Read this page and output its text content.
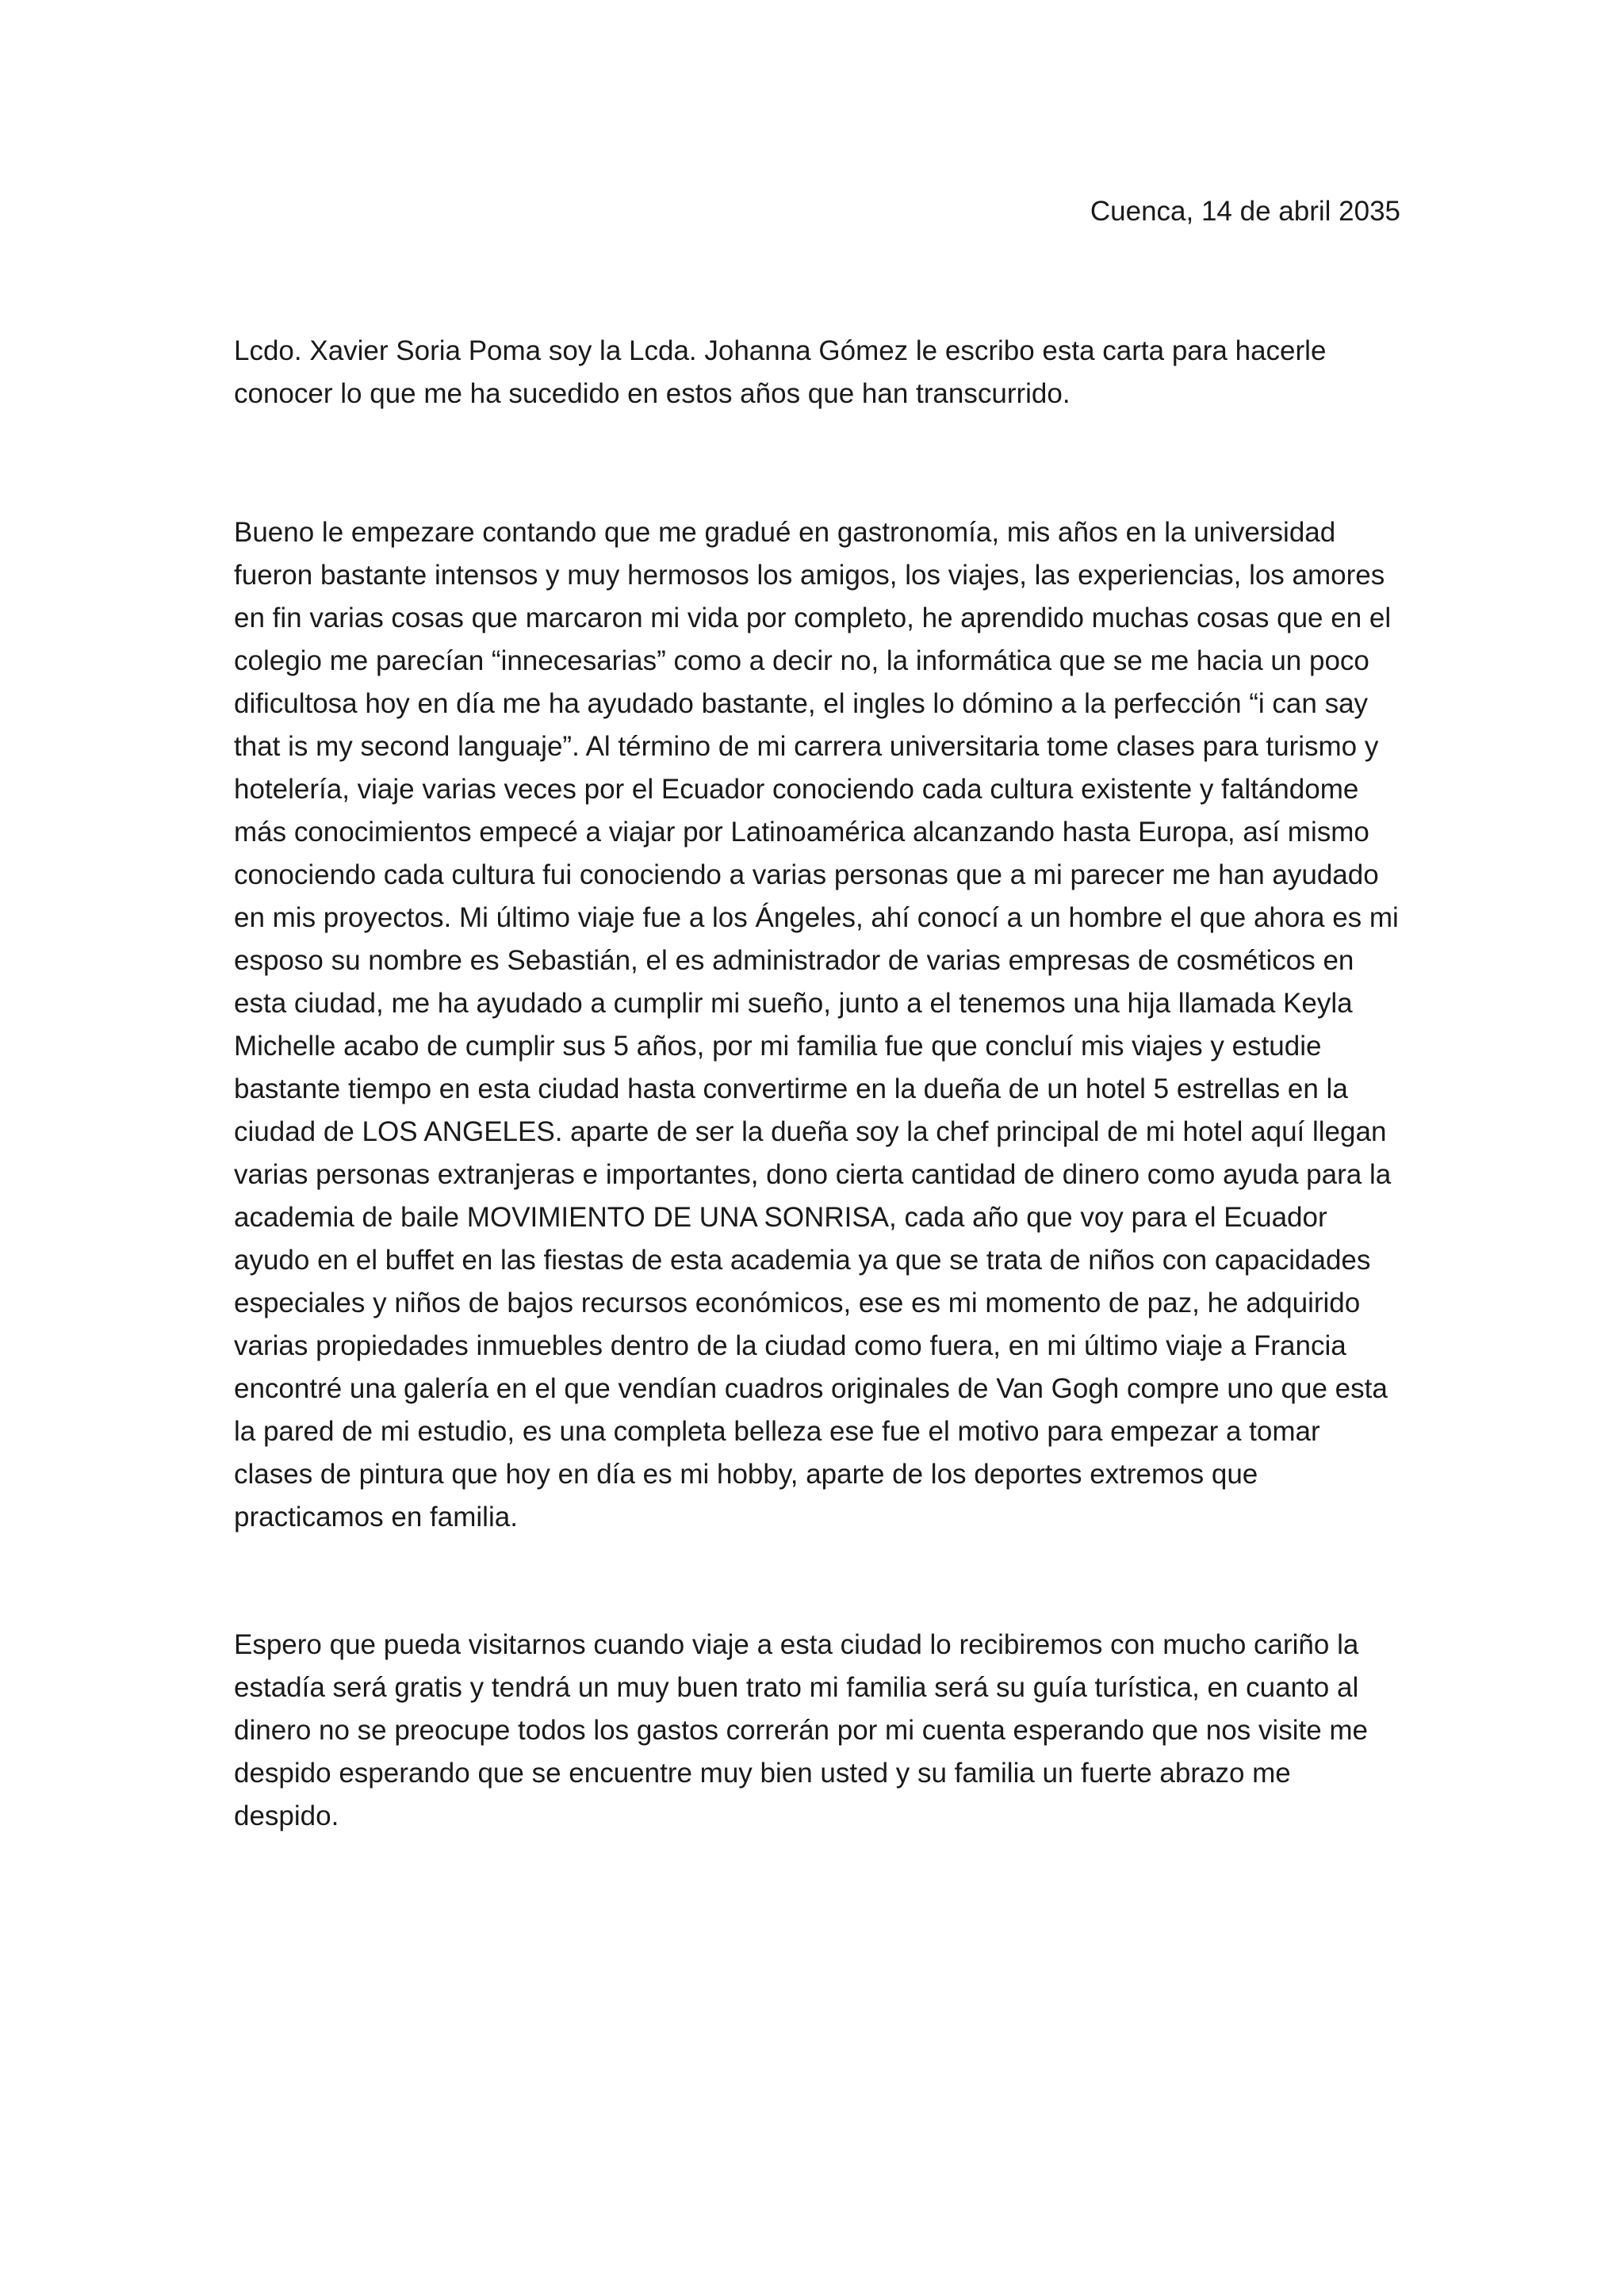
Cuenca, 14 de abril 2035

Lcdo. Xavier Soria Poma soy la Lcda. Johanna Gómez le escribo esta carta para hacerle conocer lo que me ha sucedido en estos años que han transcurrido.

Bueno le empezare contando que me gradué en gastronomía, mis años en la universidad fueron bastante intensos y muy hermosos los amigos, los viajes, las experiencias, los amores en fin varias cosas que marcaron mi vida por completo, he aprendido muchas cosas que en el colegio me parecían “innecesarias” como a decir no, la informática que se me hacia un poco dificultosa hoy en día me ha ayudado bastante, el ingles lo dómino a la perfección “i can say that is my second languaje”. Al término de mi carrera universitaria tome clases para turismo y hotelería, viaje varias veces por el Ecuador conociendo cada cultura existente y faltándome más conocimientos empecé a viajar por Latinoamérica alcanzando hasta Europa, así mismo conociendo cada cultura fui conociendo a varias personas que a mi parecer me han ayudado en mis proyectos. Mi último viaje fue a los Ángeles, ahí conocí a un hombre el que ahora es mi esposo su nombre es Sebastián, el es administrador de varias empresas de cosméticos en esta ciudad, me ha ayudado a cumplir mi sueño, junto a el tenemos una hija llamada Keyla Michelle acabo de cumplir sus 5 años, por mi familia fue que concluí mis viajes y estudie bastante tiempo en esta ciudad hasta convertirme en la dueña de un hotel 5 estrellas en la ciudad de LOS ANGELES. aparte de ser la dueña soy la chef principal de mi hotel aquí llegan varias personas extranjeras e importantes, dono cierta cantidad de dinero como ayuda para la academia de baile MOVIMIENTO DE UNA SONRISA, cada año que voy para el Ecuador ayudo en el buffet en las fiestas de esta academia ya que se trata de niños con capacidades especiales y niños de bajos recursos económicos, ese es mi momento de paz, he adquirido varias propiedades inmuebles dentro de la ciudad como fuera, en mi último viaje a Francia encontré una galería en el que vendían cuadros originales de Van Gogh compre uno que esta la pared de mi estudio, es una completa belleza ese fue el motivo para empezar a tomar clases de pintura que hoy en día es mi hobby, aparte de los deportes extremos que practicamos en familia.

Espero que pueda visitarnos cuando viaje a esta ciudad lo recibiremos con mucho cariño la estadía será gratis y tendrá un muy buen trato mi familia será su guía turística, en cuanto al dinero no se preocupe todos los gastos correrán por mi cuenta esperando que nos visite me despido esperando que se encuentre muy bien usted y su familia un fuerte abrazo me despido.
